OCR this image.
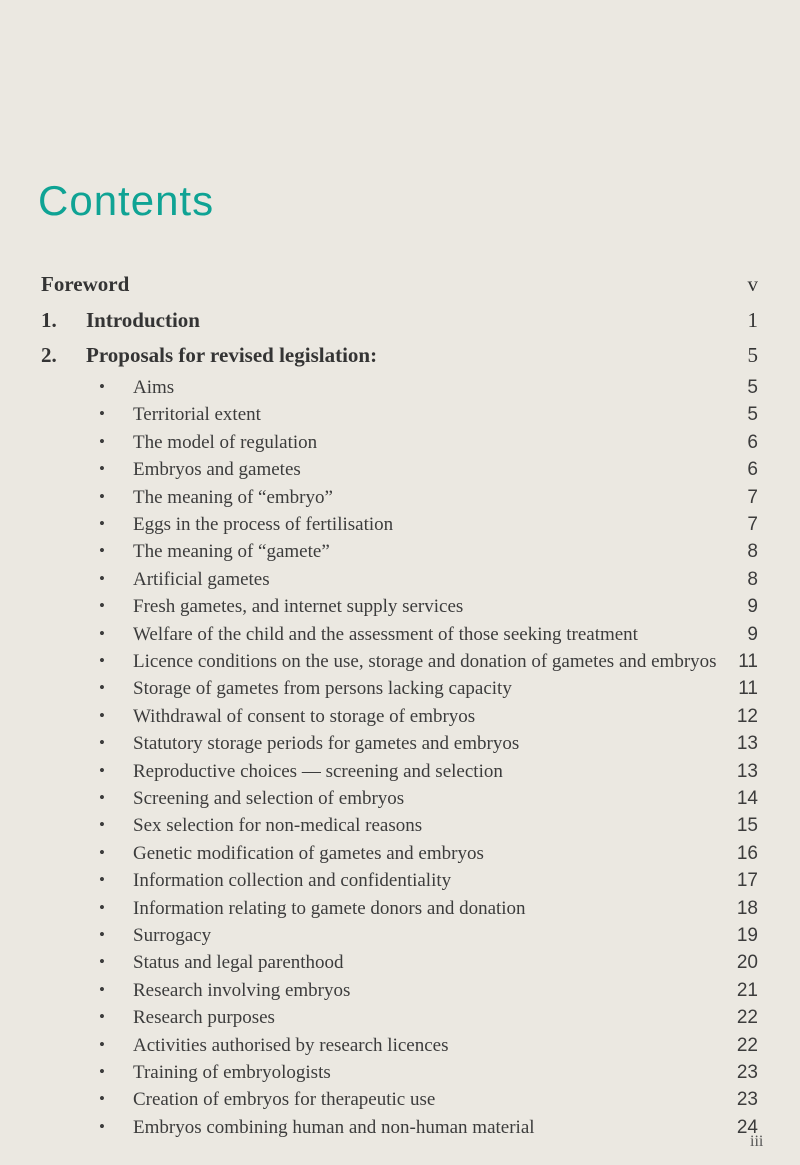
Contents
Foreword	v
1. Introduction	1
2. Proposals for revised legislation:	5
• Aims	5
• Territorial extent	5
• The model of regulation	6
• Embryos and gametes	6
• The meaning of “embryo”	7
• Eggs in the process of fertilisation	7
• The meaning of “gamete”	8
• Artificial gametes	8
• Fresh gametes, and internet supply services	9
• Welfare of the child and the assessment of those seeking treatment	9
• Licence conditions on the use, storage and donation of gametes and embryos 11
• Storage of gametes from persons lacking capacity	11
• Withdrawal of consent to storage of embryos	12
• Statutory storage periods for gametes and embryos	13
• Reproductive choices — screening and selection	13
• Screening and selection of embryos	14
• Sex selection for non-medical reasons	15
• Genetic modification of gametes and embryos	16
• Information collection and confidentiality	17
• Information relating to gamete donors and donation	18
• Surrogacy	19
• Status and legal parenthood	20
• Research involving embryos	21
• Research purposes	22
• Activities authorised by research licences	22
• Training of embryologists	23
• Creation of embryos for therapeutic use	23
• Embryos combining human and non-human material	24
iii
